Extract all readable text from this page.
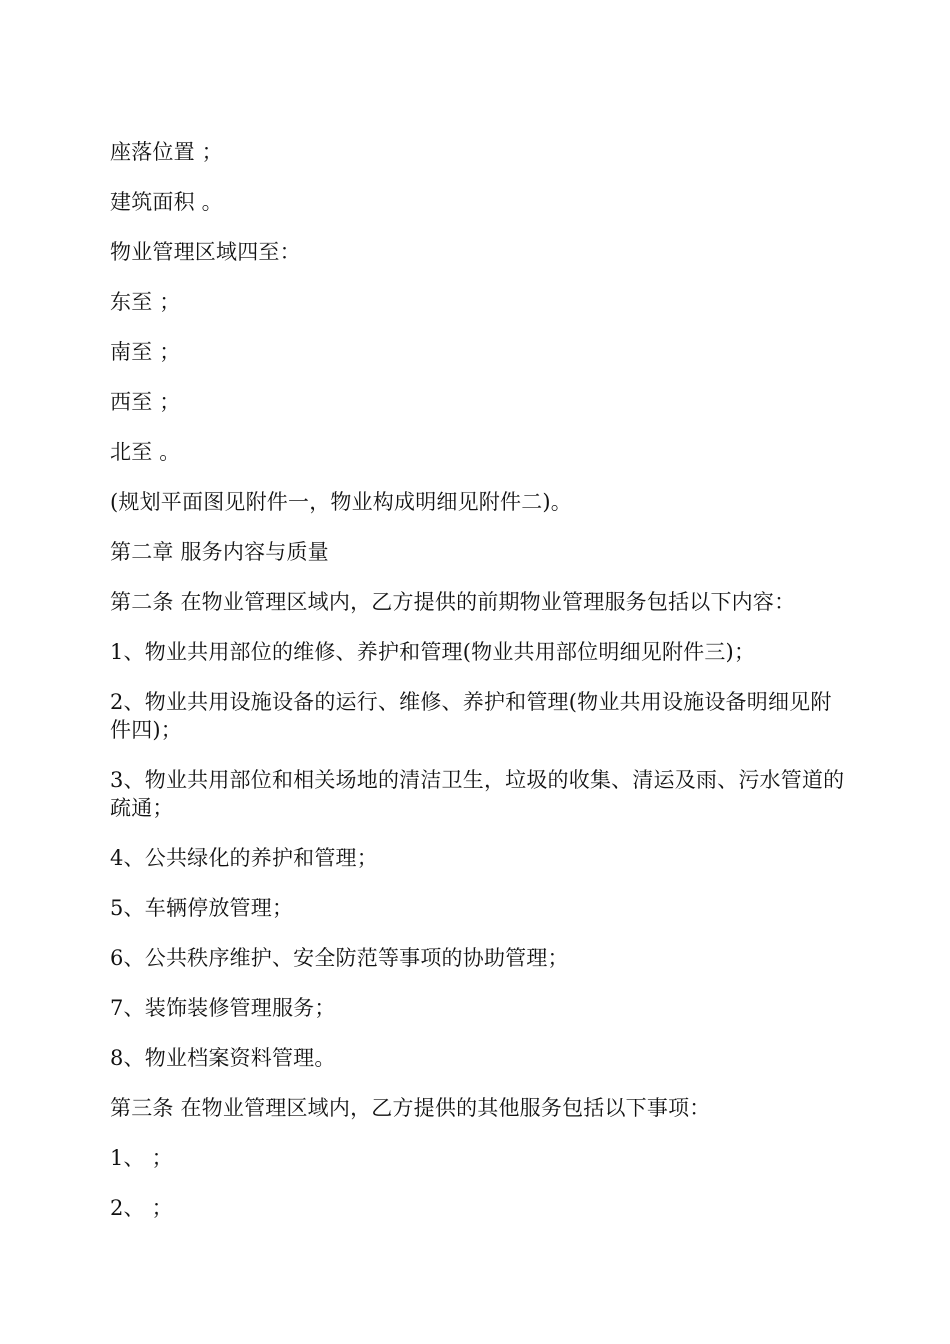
座落位置 ；

建筑面积 。

物业管理区域四至：

东至 ；

南至 ；

西至 ；

北至 。

(规划平面图见附件一，物业构成明细见附件二)。

第二章 服务内容与质量

第二条 在物业管理区域内，乙方提供的前期物业管理服务包括以下内容：

1、物业共用部位的维修、养护和管理(物业共用部位明细见附件三)；

2、物业共用设施设备的运行、维修、养护和管理(物业共用设施设备明细见附件四)；

3、物业共用部位和相关场地的清洁卫生，垃圾的收集、清运及雨、污水管道的疏通；

4、公共绿化的养护和管理；

5、车辆停放管理；

6、公共秩序维护、安全防范等事项的协助管理；

7、装饰装修管理服务；

8、物业档案资料管理。

第三条 在物业管理区域内，乙方提供的其他服务包括以下事项：

1、 ；

2、 ；
